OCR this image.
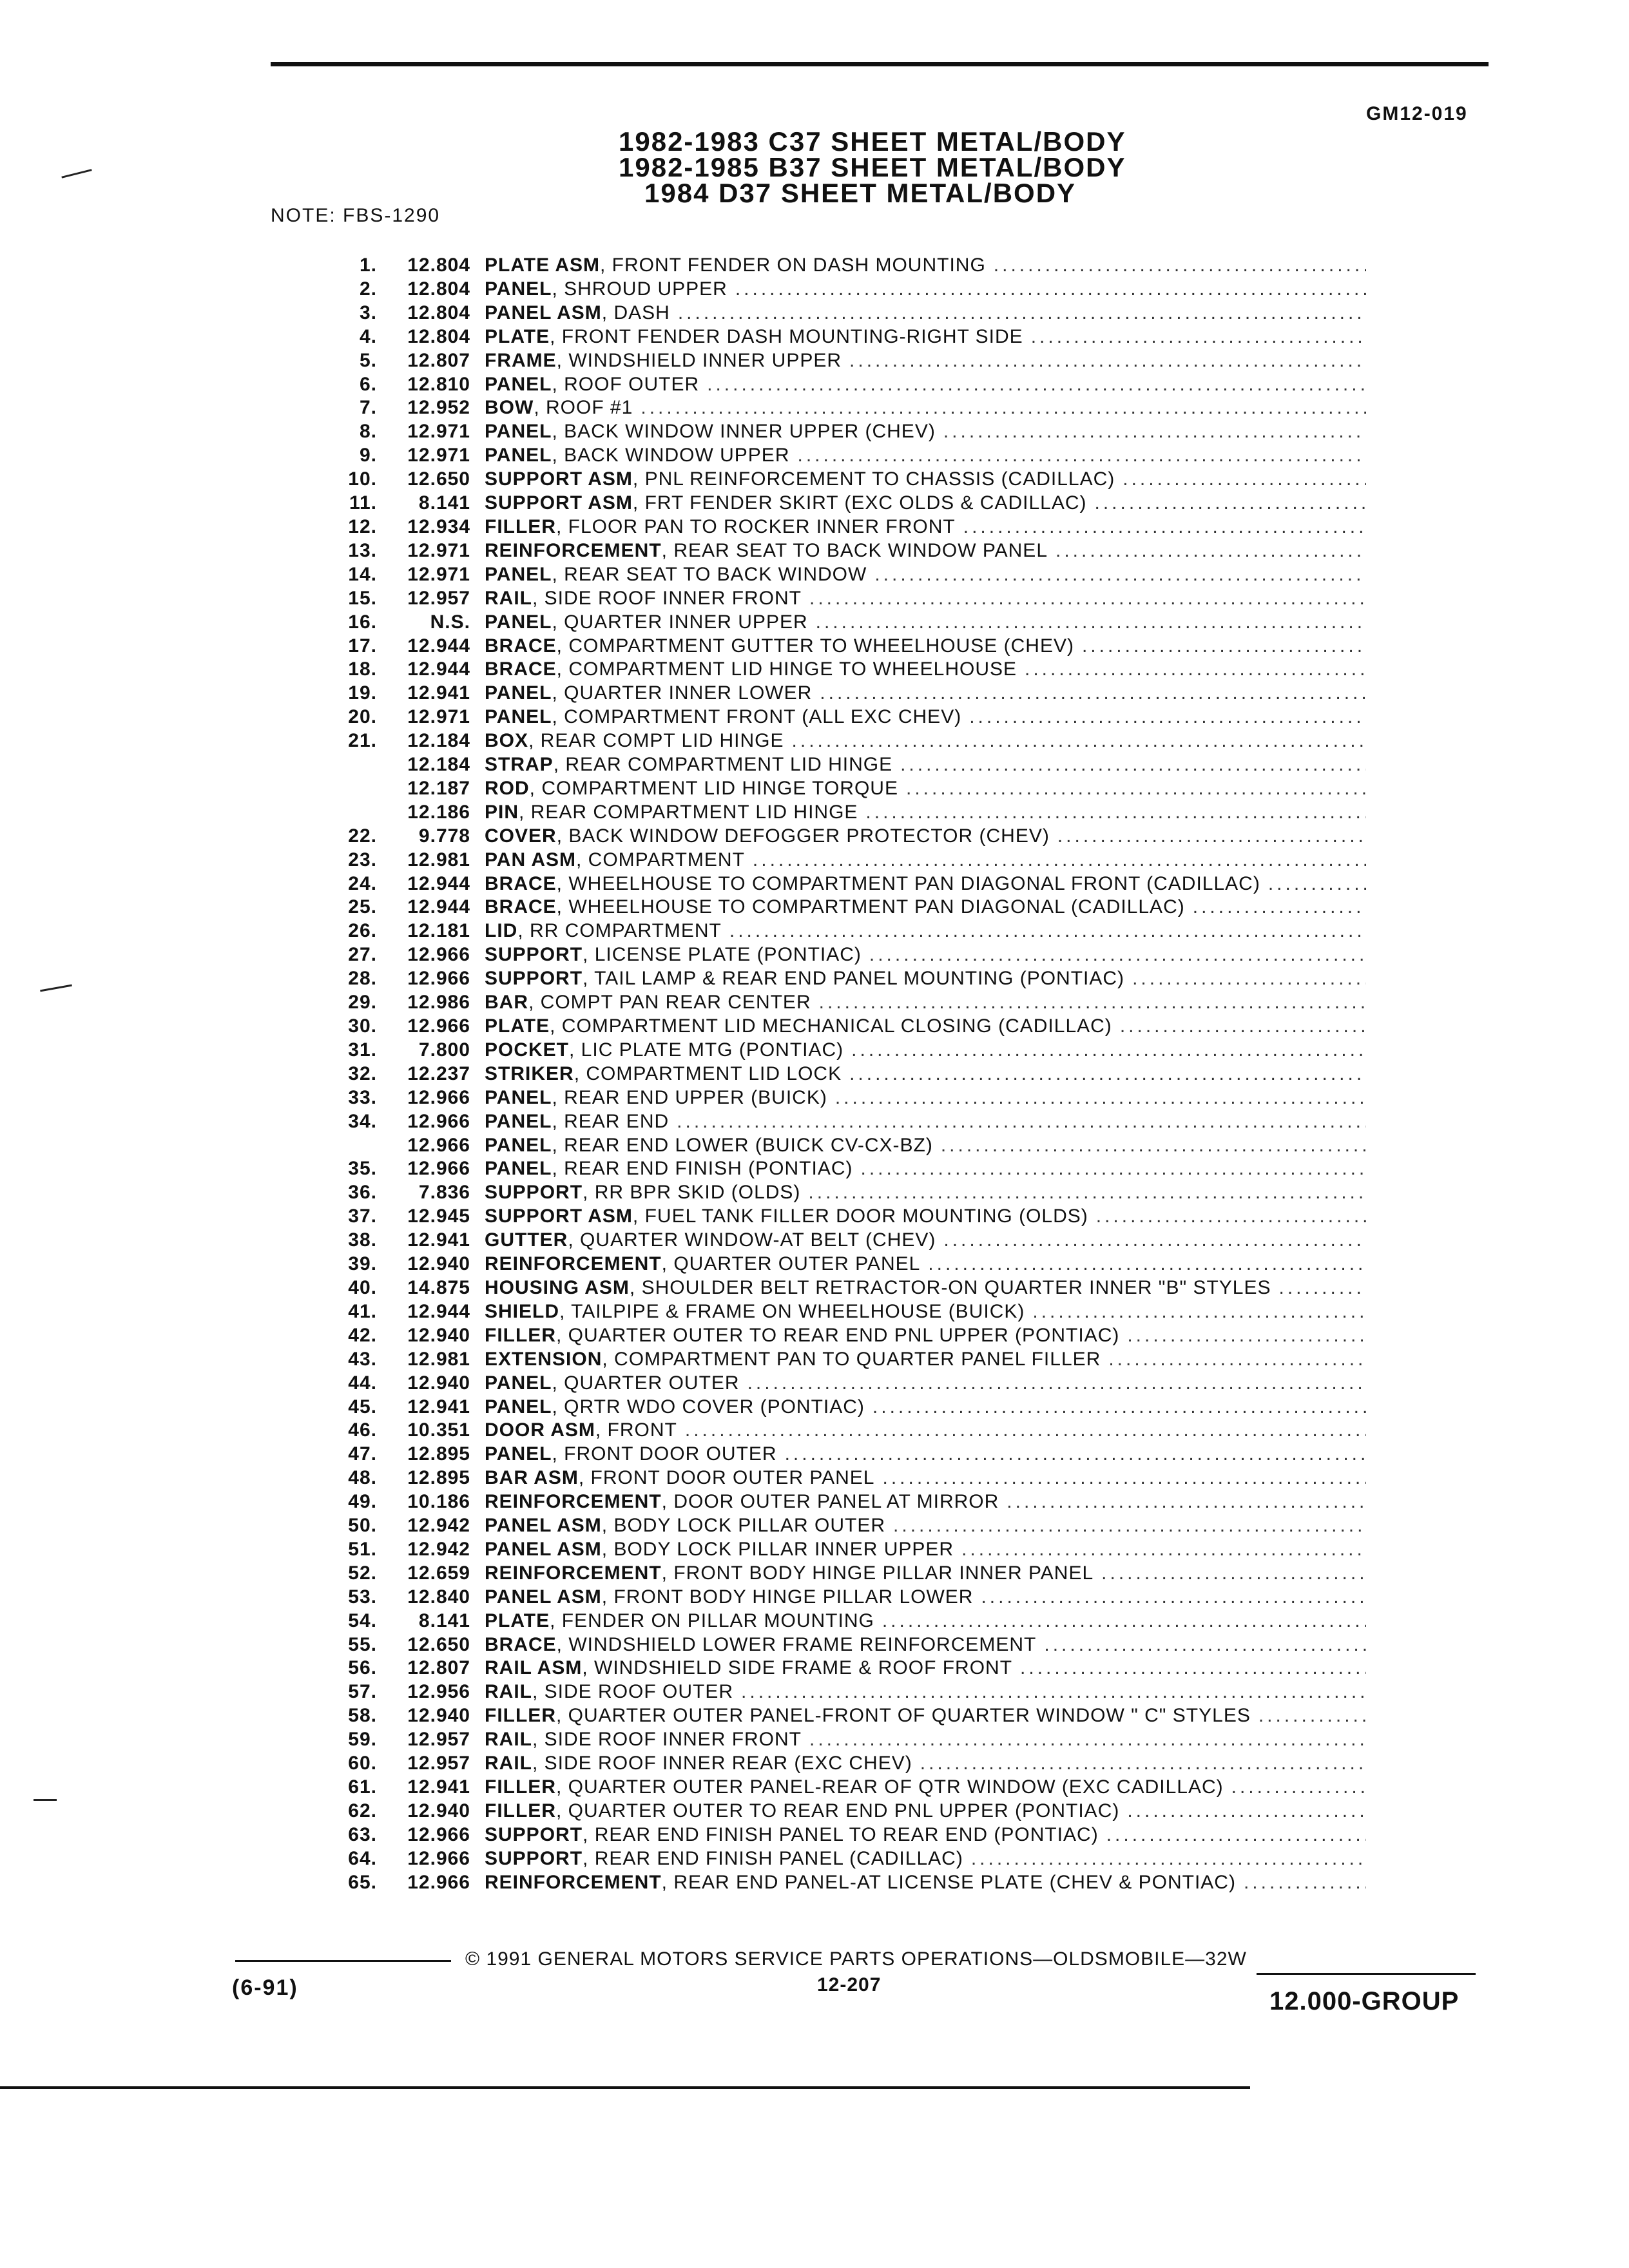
GM12-019
1982-1983 C37 SHEET METAL/BODY
1982-1985 B37 SHEET METAL/BODY
1984 D37 SHEET METAL/BODY
NOTE: FBS-1290
1.	12.804 PLATE ASM , FRONT FENDER ON DASH MOUNTING
.....
2.	12.804 PANEL , SHROUD UPPER
.....
3.	12.804 PANEL ASM , DASH
.....
4.	12.804 PLATE , FRONT FENDER DASH MOUNTING-RIGHT SIDE
.....
5.	12.807 FRAME , WINDSHIELD INNER UPPER
.....
6.	12.810 PANEL , ROOF OUTER
.....
7.	12.952 BOW , ROOF #1
.....
8.	12.971 PANEL , BACK WINDOW INNER UPPER (CHEV)
.....
9.	12.971 PANEL , BACK WINDOW UPPER
.....
10.	12.650 SUPPORT ASM , PNL REINFORCEMENT TO CHASSIS (CADILLAC)
.....
11.	8.141 SUPPORT ASM , FRT FENDER SKIRT (EXC OLDS & CADILLAC)
.....
12.	12.934 FILLER , FLOOR PAN TO ROCKER INNER FRONT
.....
13.	12.971 REINFORCEMENT , REAR SEAT TO BACK WINDOW PANEL
.....
14.	12.971 PANEL , REAR SEAT TO BACK WINDOW
.....
15.	12.957 RAIL , SIDE ROOF INNER FRONT
.....
16.	N.S. PANEL , QUARTER INNER UPPER
.....
17.	12.944 BRACE , COMPARTMENT GUTTER TO WHEELHOUSE (CHEV)
.....
18.	12.944 BRACE , COMPARTMENT LID HINGE TO WHEELHOUSE
.....
19.	12.941 PANEL , QUARTER INNER LOWER
.....
20.	12.971 PANEL , COMPARTMENT FRONT (ALL EXC CHEV)
.....
21.	12.184 BOX , REAR COMPT LID HINGE
.....
12.184 STRAP , REAR COMPARTMENT LID HINGE
.....
12.187 ROD , COMPARTMENT LID HINGE TORQUE
.....
12.186 PIN , REAR COMPARTMENT LID HINGE
.....
22.	9.778 COVER , BACK WINDOW DEFOGGER PROTECTOR (CHEV)
.....
23.	12.981 PAN ASM , COMPARTMENT
.....
24.	12.944 BRACE , WHEELHOUSE TO COMPARTMENT PAN DIAGONAL FRONT (CADILLAC)
.....
25.	12.944 BRACE , WHEELHOUSE TO COMPARTMENT PAN DIAGONAL (CADILLAC)
.....
26.	12.181 LID , RR COMPARTMENT
.....
27.	12.966 SUPPORT , LICENSE PLATE (PONTIAC)
.....
28.	12.966 SUPPORT , TAIL LAMP & REAR END PANEL MOUNTING (PONTIAC)
.....
29.	12.986 BAR , COMPT PAN REAR CENTER
.....
30.	12.966 PLATE , COMPARTMENT LID MECHANICAL CLOSING (CADILLAC)
.....
31.	7.800 POCKET , LIC PLATE MTG (PONTIAC)
.....
32.	12.237 STRIKER , COMPARTMENT LID LOCK
.....
33.	12.966 PANEL , REAR END UPPER (BUICK)
.....
34.	12.966 PANEL , REAR END
.....
12.966 PANEL , REAR END LOWER (BUICK CV-CX-BZ)
.....
35.	12.966 PANEL , REAR END FINISH (PONTIAC)
.....
36.	7.836 SUPPORT , RR BPR SKID (OLDS)
.....
37.	12.945 SUPPORT ASM , FUEL TANK FILLER DOOR MOUNTING (OLDS)
.....
38.	12.941 GUTTER , QUARTER WINDOW-AT BELT (CHEV)
.....
39.	12.940 REINFORCEMENT , QUARTER OUTER PANEL
.....
40.	14.875 HOUSING ASM , SHOULDER BELT RETRACTOR-ON QUARTER INNER "B" STYLES
.....
41.	12.944 SHIELD , TAILPIPE & FRAME ON WHEELHOUSE (BUICK)
.....
42.	12.940 FILLER , QUARTER OUTER TO REAR END PNL UPPER (PONTIAC)
.....
43.	12.981 EXTENSION , COMPARTMENT PAN TO QUARTER PANEL FILLER
.....
44.	12.940 PANEL , QUARTER OUTER
.....
45.	12.941 PANEL , QRTR WDO COVER (PONTIAC)
.....
46.	10.351 DOOR ASM , FRONT
.....
47.	12.895 PANEL , FRONT DOOR OUTER
.....
48.	12.895 BAR ASM , FRONT DOOR OUTER PANEL
.....
49.	10.186 REINFORCEMENT , DOOR OUTER PANEL AT MIRROR
.....
50.	12.942 PANEL ASM , BODY LOCK PILLAR OUTER
.....
51.	12.942 PANEL ASM , BODY LOCK PILLAR INNER UPPER
.....
52.	12.659 REINFORCEMENT , FRONT BODY HINGE PILLAR INNER PANEL
.....
53.	12.840 PANEL ASM , FRONT BODY HINGE PILLAR LOWER
.....
54.	8.141 PLATE , FENDER ON PILLAR MOUNTING
.....
55.	12.650 BRACE , WINDSHIELD LOWER FRAME REINFORCEMENT
.....
56.	12.807 RAIL ASM , WINDSHIELD SIDE FRAME & ROOF FRONT
.....
57.	12.956 RAIL , SIDE ROOF OUTER
.....
58.	12.940 FILLER , QUARTER OUTER PANEL-FRONT OF QUARTER WINDOW " C" STYLES
.....
59.	12.957 RAIL , SIDE ROOF INNER FRONT
.....
60.	12.957 RAIL , SIDE ROOF INNER REAR (EXC CHEV)
.....
61.	12.941 FILLER , QUARTER OUTER PANEL-REAR OF QTR WINDOW (EXC CADILLAC)
.....
62.	12.940 FILLER , QUARTER OUTER TO REAR END PNL UPPER (PONTIAC)
.....
63.	12.966 SUPPORT , REAR END FINISH PANEL TO REAR END (PONTIAC)
.....
64.	12.966 SUPPORT , REAR END FINISH PANEL (CADILLAC)
.....
65.	12.966 REINFORCEMENT , REAR END PANEL-AT LICENSE PLATE (CHEV & PONTIAC)
.....
(6-91)
© 1991 GENERAL MOTORS SERVICE PARTS OPERATIONS—OLDSMOBILE—32W
12-207
12.000-GROUP
